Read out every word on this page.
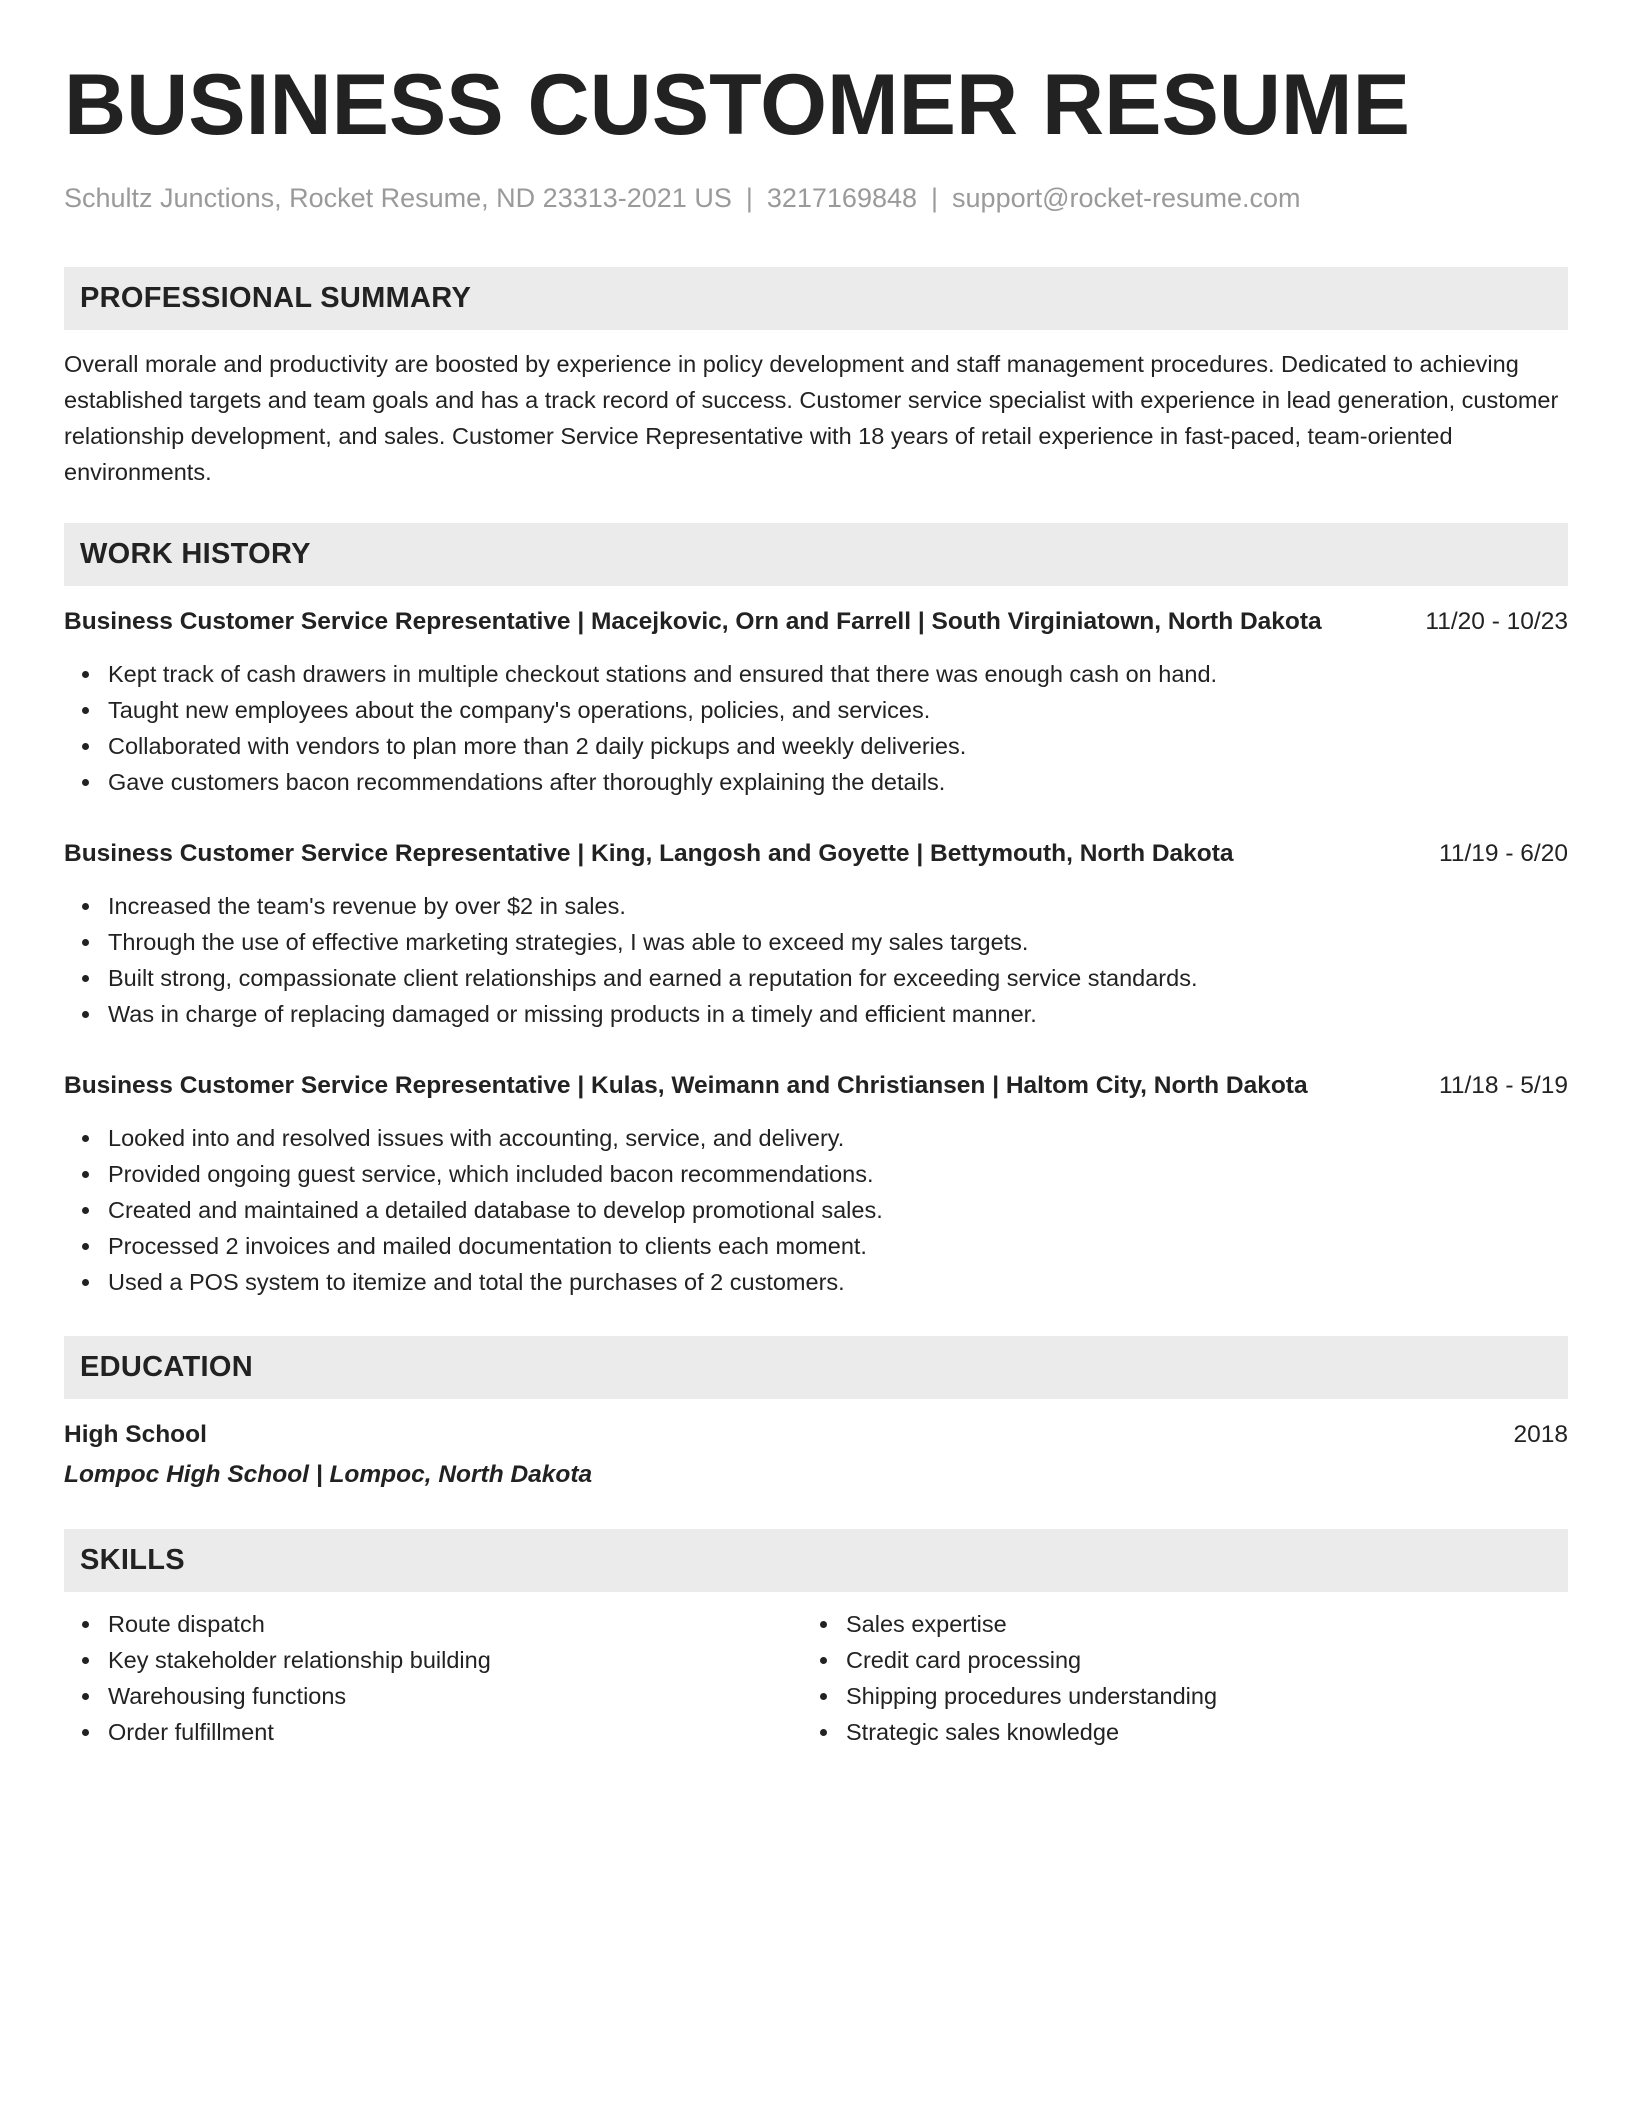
BUSINESS CUSTOMER RESUME
Schultz Junctions, Rocket Resume, ND 23313-2021 US | 3217169848 | support@rocket-resume.com
PROFESSIONAL SUMMARY
Overall morale and productivity are boosted by experience in policy development and staff management procedures. Dedicated to achieving established targets and team goals and has a track record of success. Customer service specialist with experience in lead generation, customer relationship development, and sales. Customer Service Representative with 18 years of retail experience in fast-paced, team-oriented environments.
WORK HISTORY
Business Customer Service Representative | Macejkovic, Orn and Farrell | South Virginiatown, North Dakota	11/20 - 10/23
Kept track of cash drawers in multiple checkout stations and ensured that there was enough cash on hand.
Taught new employees about the company's operations, policies, and services.
Collaborated with vendors to plan more than 2 daily pickups and weekly deliveries.
Gave customers bacon recommendations after thoroughly explaining the details.
Business Customer Service Representative | King, Langosh and Goyette | Bettymouth, North Dakota	11/19 - 6/20
Increased the team's revenue by over $2 in sales.
Through the use of effective marketing strategies, I was able to exceed my sales targets.
Built strong, compassionate client relationships and earned a reputation for exceeding service standards.
Was in charge of replacing damaged or missing products in a timely and efficient manner.
Business Customer Service Representative | Kulas, Weimann and Christiansen | Haltom City, North Dakota	11/18 - 5/19
Looked into and resolved issues with accounting, service, and delivery.
Provided ongoing guest service, which included bacon recommendations.
Created and maintained a detailed database to develop promotional sales.
Processed 2 invoices and mailed documentation to clients each moment.
Used a POS system to itemize and total the purchases of 2 customers.
EDUCATION
High School	2018
Lompoc High School | Lompoc, North Dakota
SKILLS
Route dispatch
Key stakeholder relationship building
Warehousing functions
Order fulfillment
Sales expertise
Credit card processing
Shipping procedures understanding
Strategic sales knowledge
